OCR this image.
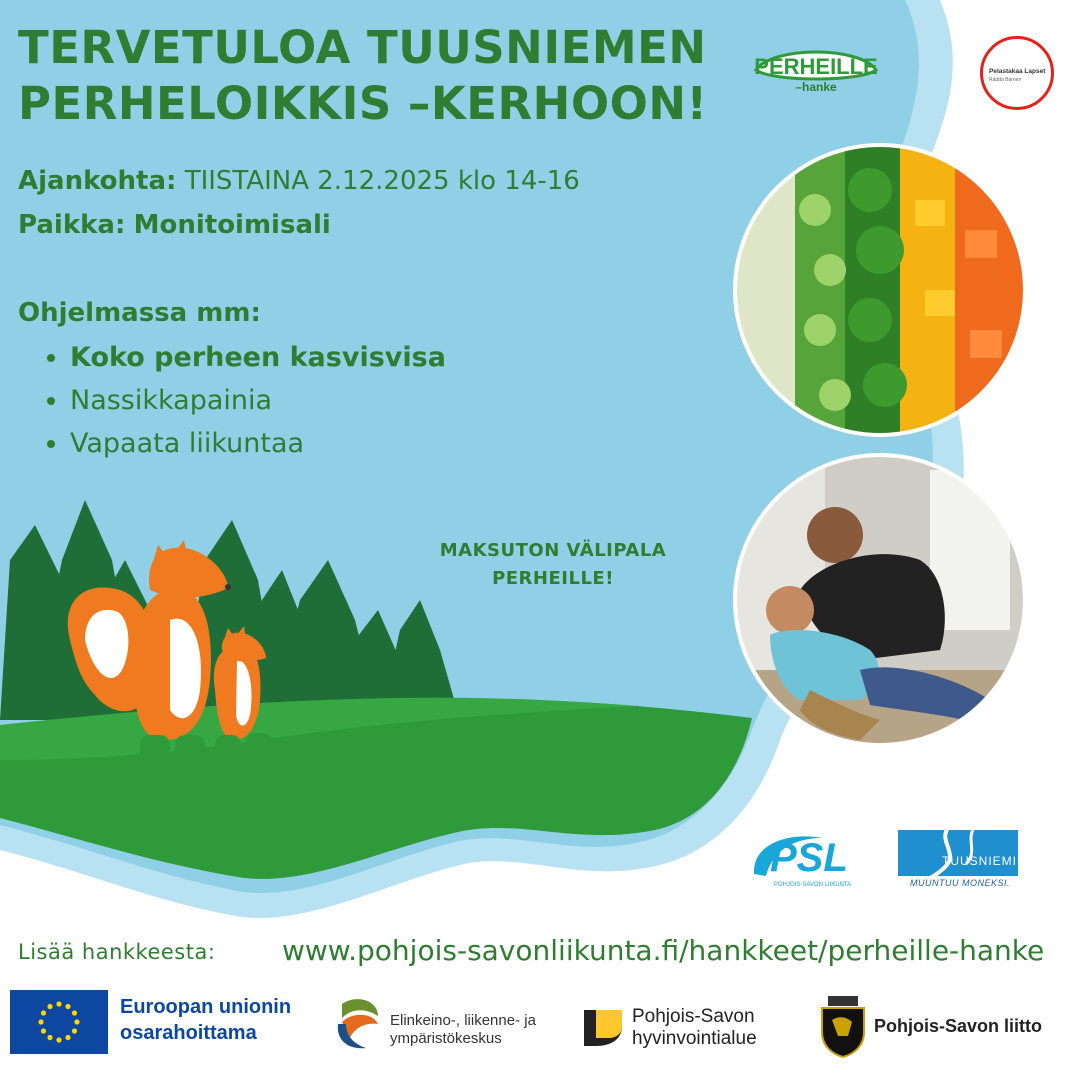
TERVETULOA TUUSNIEMEN
PERHELOIKKIS –KERHOON!
Ajankohta: TIISTAINA 2.12.2025 klo 14-16
Paikka: Monitoimisali
Ohjelmassa mm:
• Koko perheen kasvisvisa
• Nassikkapainia
• Vapaata liikuntaa
MAKSUTON VÄLIPALA
PERHEILLE!
PERHEILLE
–hanke
Pelastakaa Lapset
Rädda Barnen
PSL
POHJOIS-SAVON LIIKUNTA
TUUSNIEMI
MUUNTUU MONEKSI.
Lisää hankkeesta: www.pohjois-savonliikunta.fi/hankkeet/perheille-hanke
Euroopan unionin
osarahoittama
Elinkeino-, liikenne- ja
ympäristökeskus
Pohjois-Savon
hyvinvointialue
Pohjois-Savon liitto
